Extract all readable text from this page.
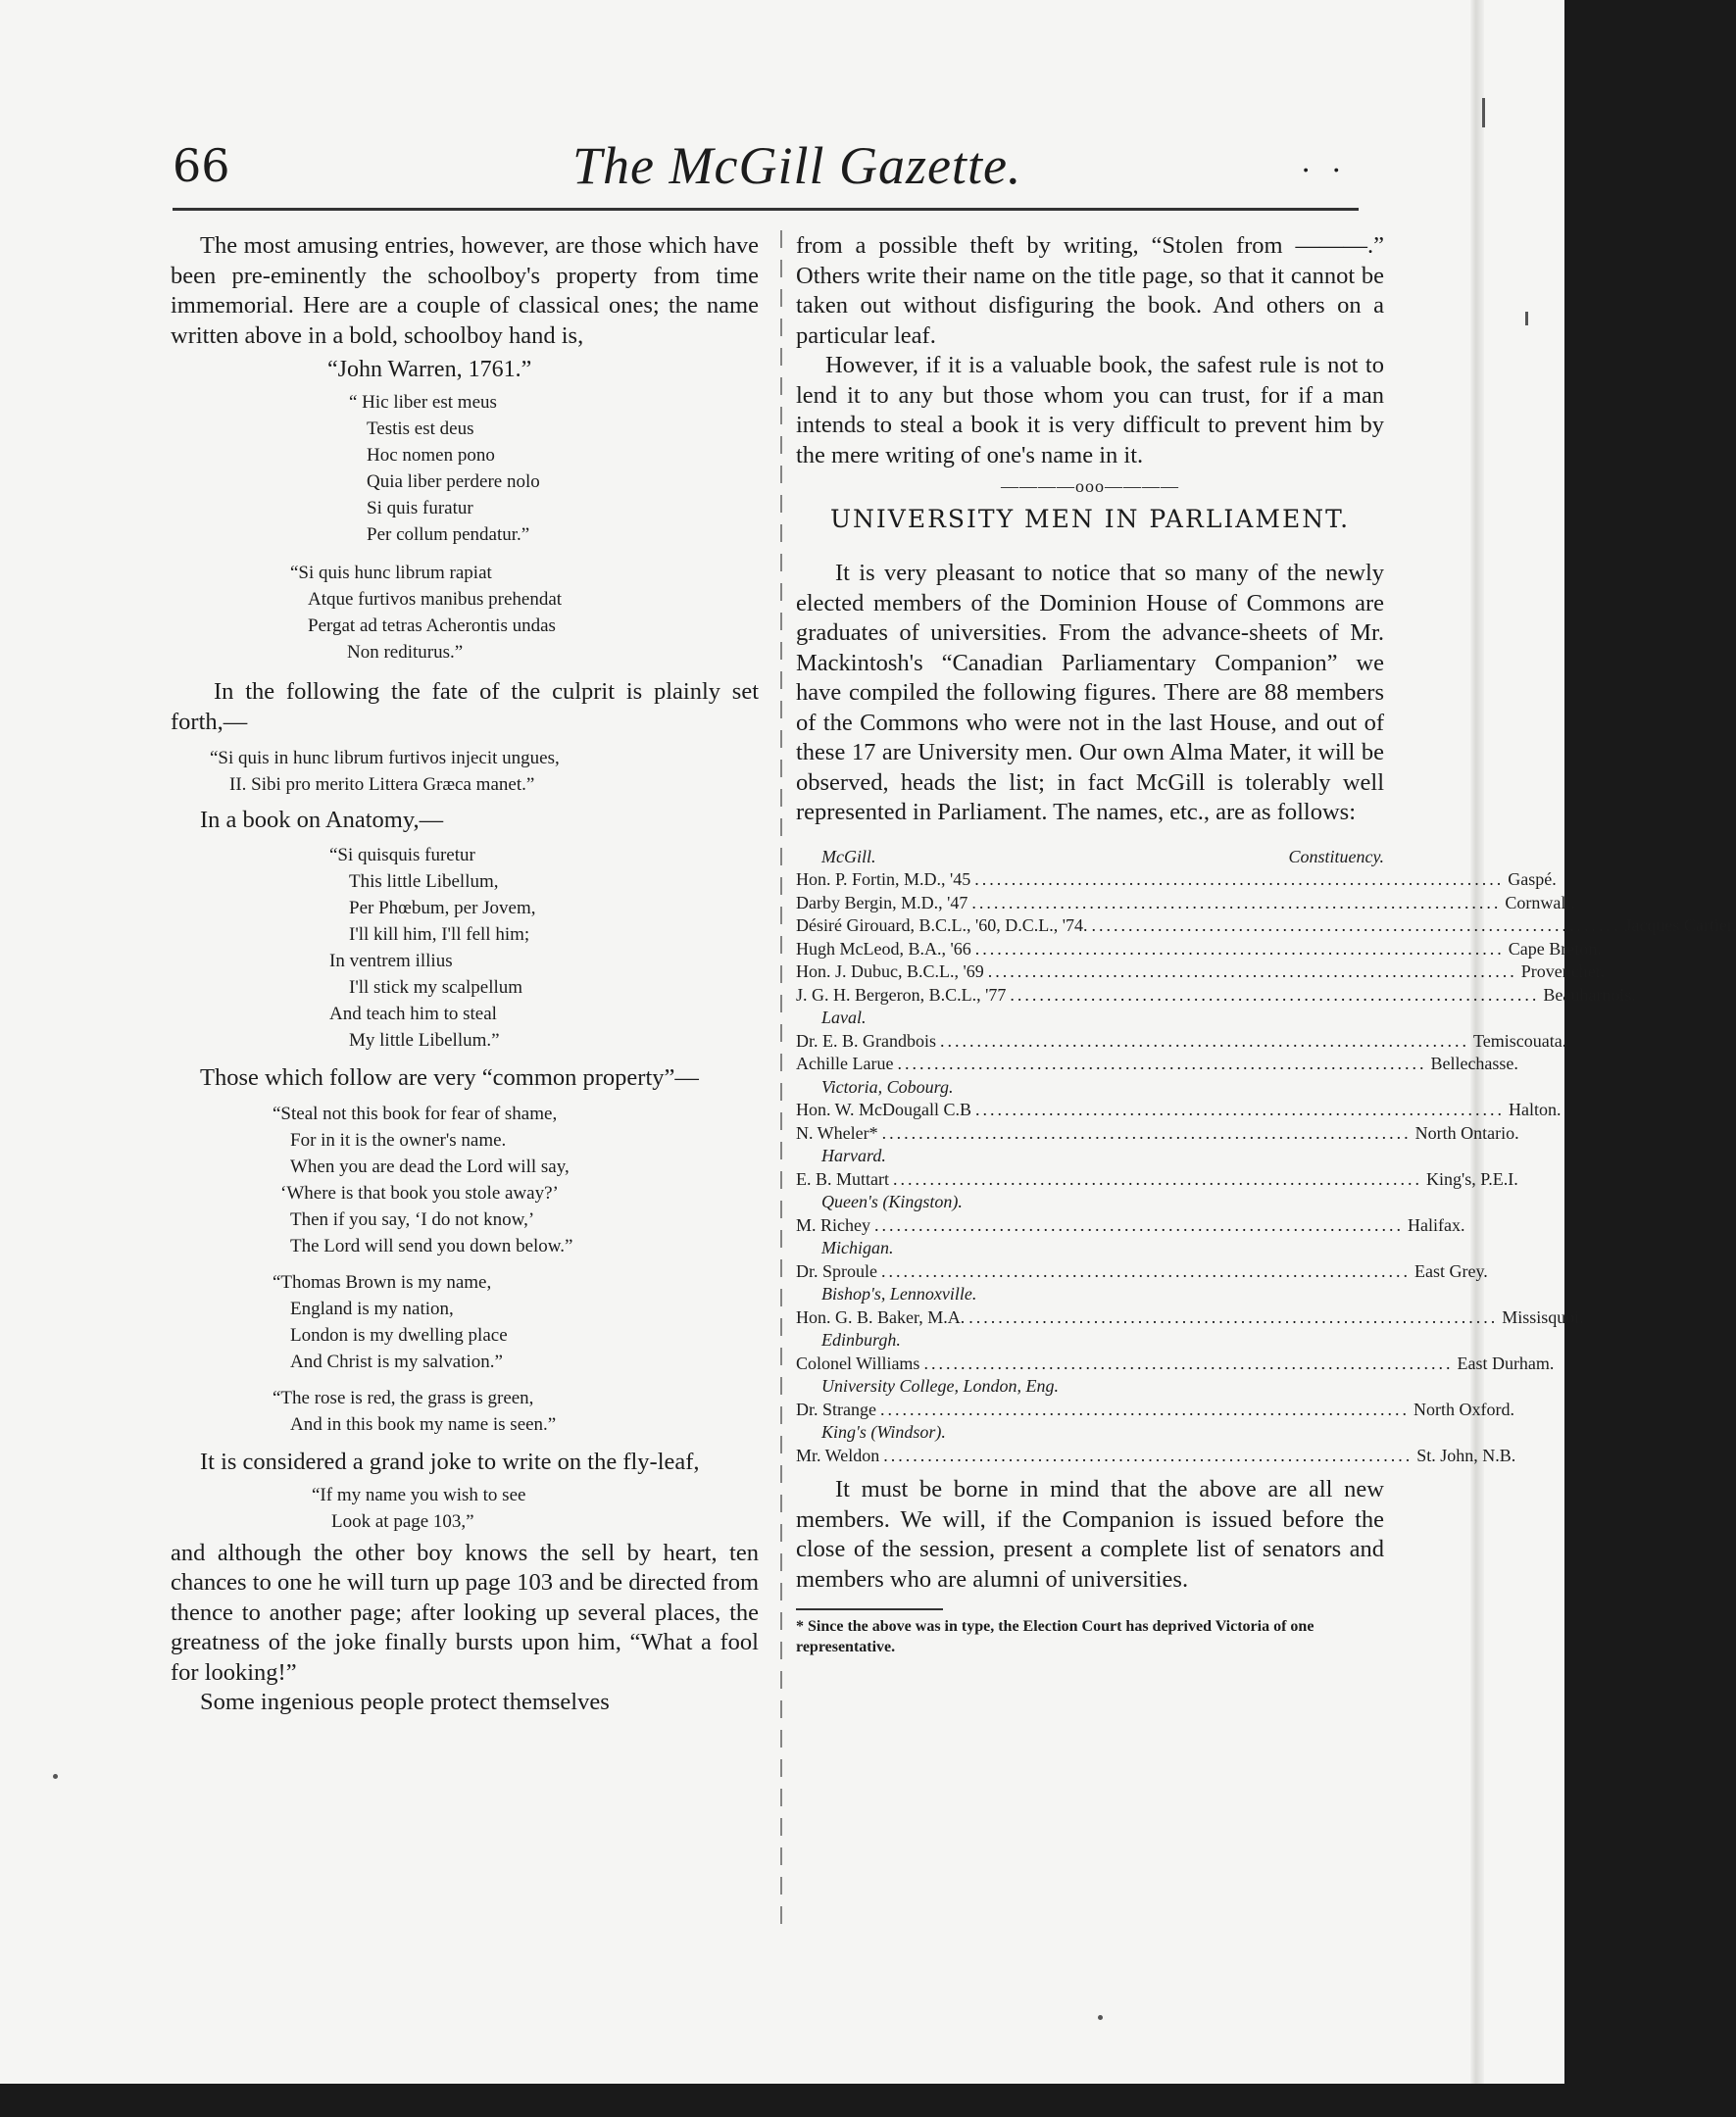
66	The McGill Gazette.	. .

The most amusing entries, however, are those which have been pre-eminently the schoolboy's property from time immemorial. Here are a couple of classical ones; the name written above in a bold, schoolboy hand is,

“John Warren, 1761.”
“ Hic liber est meus
Testis est deus
Hoc nomen pono
Quia liber perdere nolo
Si quis furatur
Per collum pendatur.”
“Si quis hunc librum rapiat
Atque furtivos manibus prehendat
Pergat ad tetras Acherontis undas
Non rediturus.”

In the following the fate of the culprit is plainly set forth,—

“Si quis in hunc librum furtivos injecit ungues,
II. Sibi pro merito Littera Græca manet.”

In a book on Anatomy,—

“Si quisquis furetur
This little Libellum,
Per Phœbum, per Jovem,
I'll kill him, I'll fell him;
In ventrem illius
I'll stick my scalpellum
And teach him to steal
My little Libellum.”

Those which follow are very “common property”—

“Steal not this book for fear of shame,
For in it is the owner's name.
When you are dead the Lord will say,
‘Where is that book you stole away?’
Then if you say, ‘I do not know,’
The Lord will send you down below.”
“Thomas Brown is my name,
England is my nation,
London is my dwelling place
And Christ is my salvation.”
“The rose is red, the grass is green,
And in this book my name is seen.”

It is considered a grand joke to write on the fly-leaf,

“If my name you wish to see
Look at page 103,”

and although the other boy knows the sell by heart, ten chances to one he will turn up page 103 and be directed from thence to another page; after looking up several places, the greatness of the joke finally bursts upon him, “What a fool for looking!”

Some ingenious people protect themselves

from a possible theft by writing, “Stolen from ———.” Others write their name on the title page, so that it cannot be taken out without disfiguring the book. And others on a particular leaf.

However, if it is a valuable book, the safest rule is not to lend it to any but those whom you can trust, for if a man intends to steal a book it is very difficult to prevent him by the mere writing of one's name in it.

————ooo————
UNIVERSITY MEN IN PARLIAMENT.

It is very pleasant to notice that so many of the newly elected members of the Dominion House of Commons are graduates of universities. From the advance-sheets of Mr. Mackintosh's “Canadian Parliamentary Companion” we have compiled the following figures. There are 88 members of the Commons who were not in the last House, and out of these 17 are University men. Our own Alma Mater, it will be observed, heads the list; in fact McGill is tolerably well represented in Parliament. The names, etc., are as follows:

McGill.	Constituency.
Hon. P. Fortin, M.D., '45 ........................................................................ Gaspé.
Darby Bergin, M.D., '47 ........................................................................ Cornwall.
Désiré Girouard, B.C.L., '60, D.C.L., '74. ........................................................................ Jacques Cartier.
Hugh McLeod, B.A., '66 ........................................................................ Cape Breton.
Hon. J. Dubuc, B.C.L., '69 ........................................................................ Provencher.
J. G. H. Bergeron, B.C.L., '77 ........................................................................ Beauharnois.
Laval.
Dr. E. B. Grandbois ........................................................................ Temiscouata.
Achille Larue ........................................................................ Bellechasse.
Victoria, Cobourg.
Hon. W. McDougall C.B ........................................................................ Halton.
N. Wheler* ........................................................................ North Ontario.
Harvard.
E. B. Muttart ........................................................................ King's, P.E.I.
Queen's (Kingston).
M. Richey ........................................................................ Halifax.
Michigan.
Dr. Sproule ........................................................................ East Grey.
Bishop's, Lennoxville.
Hon. G. B. Baker, M.A. ........................................................................ Missisquoi.
Edinburgh.
Colonel Williams ........................................................................ East Durham.
University College, London, Eng.
Dr. Strange ........................................................................ North Oxford.
King's (Windsor).
Mr. Weldon ........................................................................ St. John, N.B.

It must be borne in mind that the above are all new members. We will, if the Companion is issued before the close of the session, present a complete list of senators and members who are alumni of universities.

* Since the above was in type, the Election Court has deprived Victoria of one representative.
